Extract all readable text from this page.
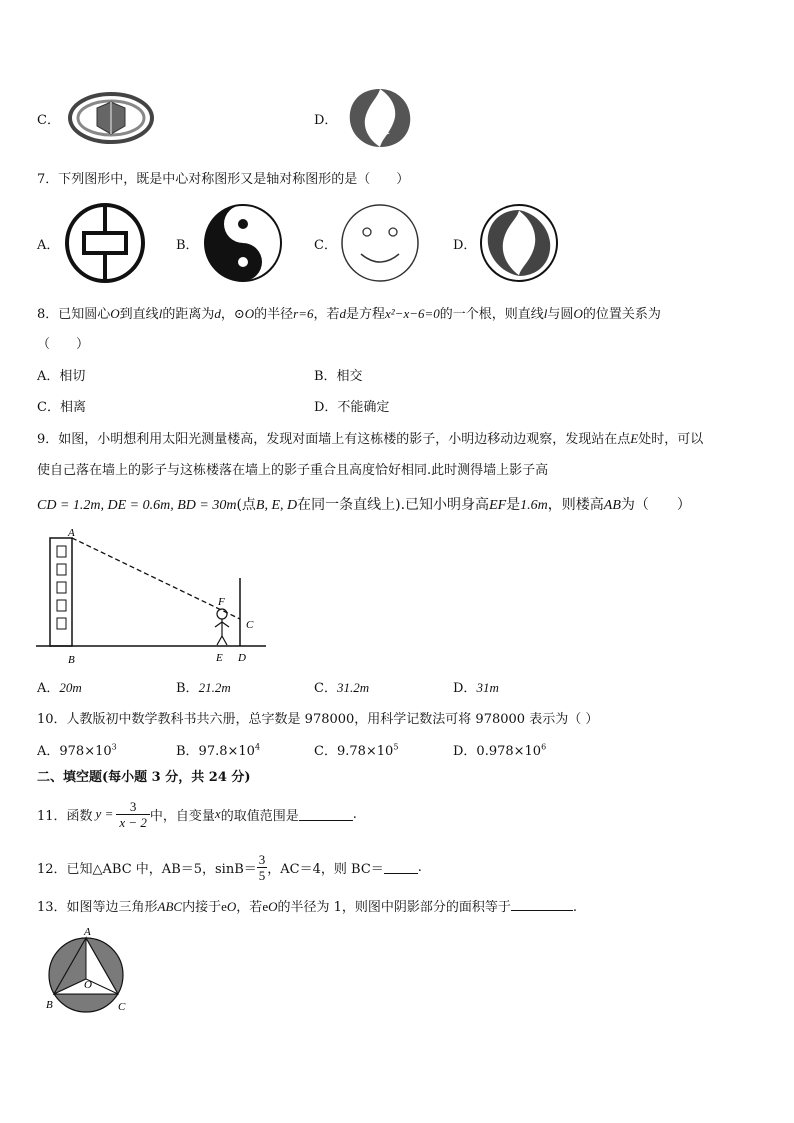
C．	D．
7．下列图形中，既是中心对称图形又是轴对称图形的是（　　）
A．	B．	C．	D．
8．已知圆心O到直线l的距离为d，⊙O的半径r=6，若d是方程x²−x−6=0的一个根，则直线l与圆O的位置关系为
（　　）
A．相切	B．相交
C．相离	D．不能确定
9．如图，小明想利用太阳光测量楼高，发现对面墙上有这栋楼的影子，小明边移动边观察，发现站在点E处时，可以
使自己落在墙上的影子与这栋楼落在墙上的影子重合且高度恰好相同.此时测得墙上影子高
CD = 1.2m, DE = 0.6m, BD = 30m(点B, E, D在同一条直线上).已知小明身高EF是1.6m，则楼高AB为（　　）
A
B
C
D
E
F
A．20m	B．21.2m	C．31.2m	D．31m
10．人教版初中数学教科书共六册，总字数是 978000，用科学记数法可将 978000 表示为（ ）
A．$978\times 10^3$	B．$97.8\times 10^4$	C．$9.78\times 10^5$	D．$0.978\times 10^6$
二、填空题(每小题 3 分，共 24 分)
11．函数 $y = \frac{3}{x - 2}$ 中，自变量 x 的取值范围是	.
12．已知△ABC 中，AB＝5，$\sin B= \frac{3}{5}$ ，AC＝4，则 BC＝	.
13．如图等边三角形ABC内接于eO，若eO的半径为 1，则图中阴影部分的面积等于	.
A
B	C
O
